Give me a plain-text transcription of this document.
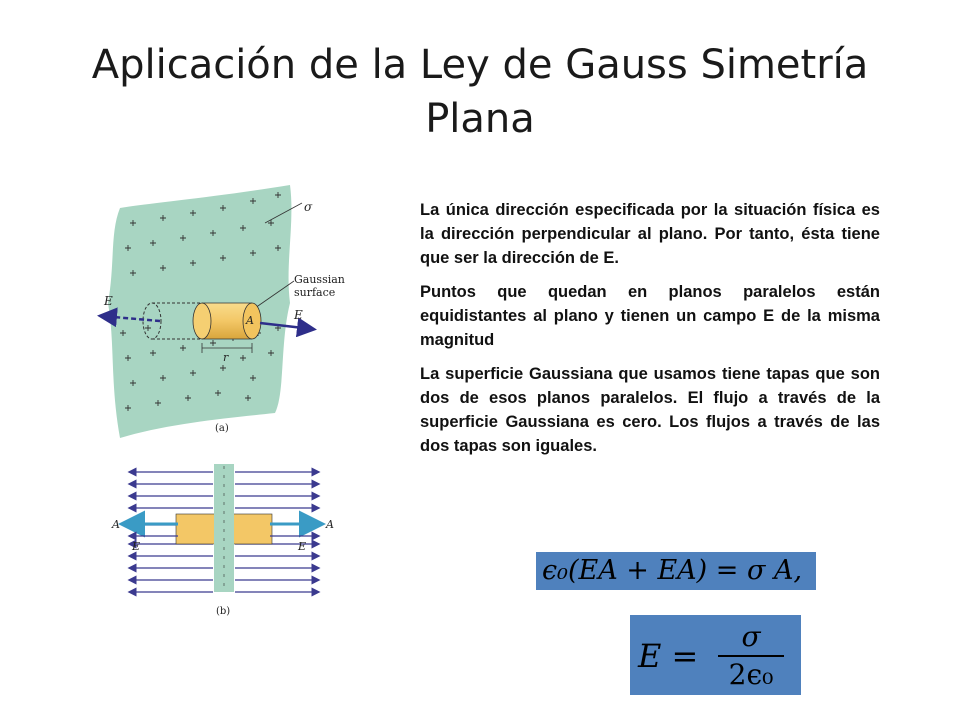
Aplicación de la Ley de Gauss Simetría
Plana
σ
Gaussian
surface
E
A	E
r
(a)
A	A
E	E
(b)

La única dirección especificada por la situación física es la dirección perpendicular al plano. Por tanto, ésta tiene que ser la dirección de E.

Puntos que quedan en planos paralelos están equidistantes al plano y tienen un campo E de la misma magnitud

La superficie Gaussiana que usamos tiene tapas que son dos de esos planos paralelos. El flujo a través de la superficie Gaussiana es cero. Los flujos a través de las dos tapas son iguales.

ϵ₀(EA + EA) = σ A,
E =
σ
2ϵ₀
